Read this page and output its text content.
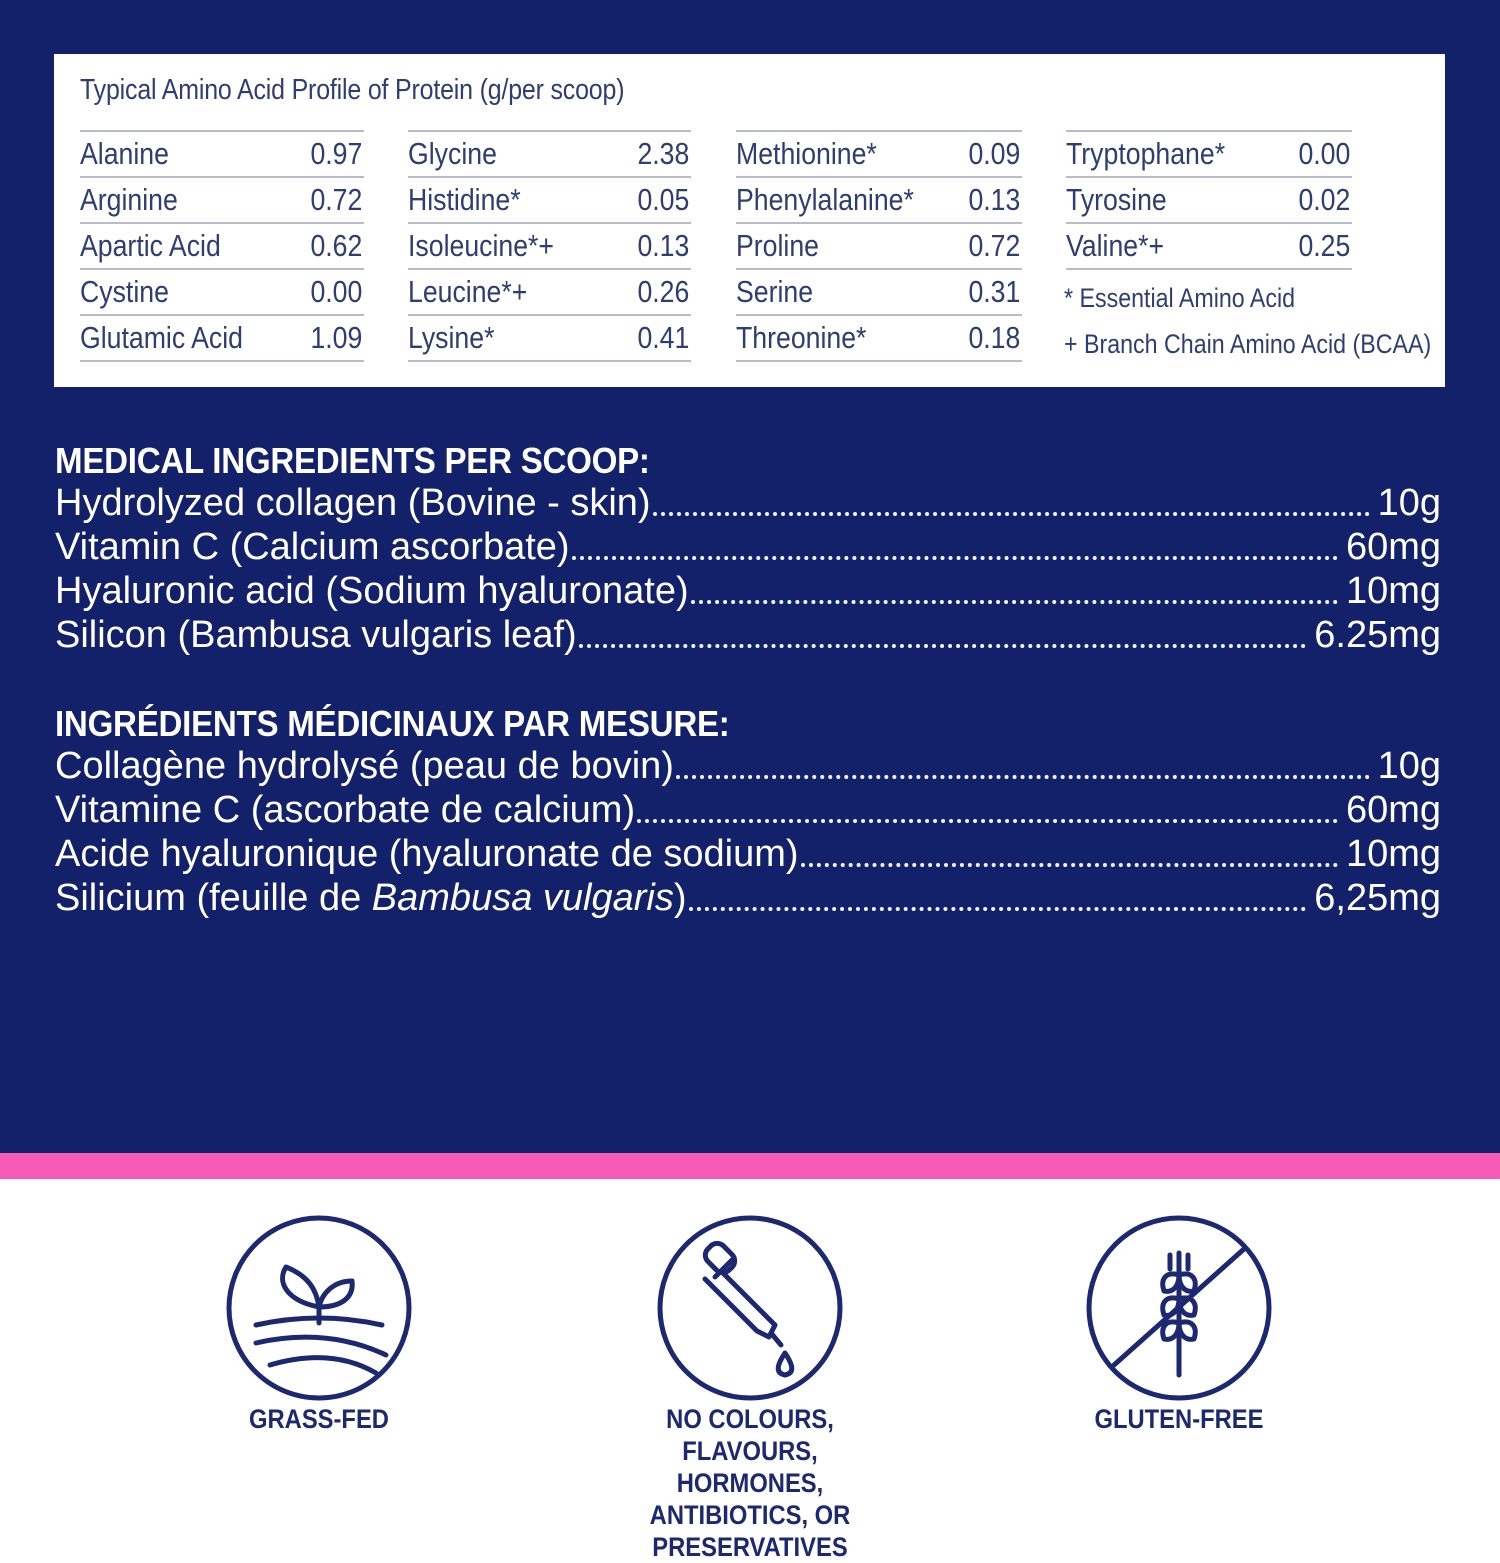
Typical Amino Acid Profile of Protein (g/per scoop)
Alanine	0.97
Arginine	0.72
Apartic Acid	0.62
Cystine	0.00
Glutamic Acid 1.09
Glycine	2.38
Histidine*	0.05
Isoleucine*+	0.13
Leucine*+	0.26
Lysine*	0.41
Methionine*	0.09
Phenylalanine* 0.13
Proline	0.72
Serine	0.31
Threonine*	0.18
Tryptophane* 0.00
Tyrosine	0.02
Valine*+	0.25
* Essential Amino Acid
+ Branch Chain Amino Acid (BCAA)
MEDICAL INGREDIENTS PER SCOOP:
Hydrolyzed collagen (Bovine - skin)	10g
Vitamin C (Calcium ascorbate)	60mg
Hyaluronic acid (Sodium hyaluronate)	10mg
Silicon (Bambusa vulgaris leaf)	6.25mg
INGRÉDIENTS MÉDICINAUX PAR MESURE:
Collagène hydrolysé (peau de bovin)	10g
Vitamine C (ascorbate de calcium)	60mg
Acide hyaluronique (hyaluronate de sodium)	10mg
Silicium (feuille de Bambusa vulgaris)	6,25mg
GRASS-FED	NO COLOURS, FLAVOURS, HORMONES,
ANTIBIOTICS, OR PRESERVATIVES
GLUTEN-FREE
